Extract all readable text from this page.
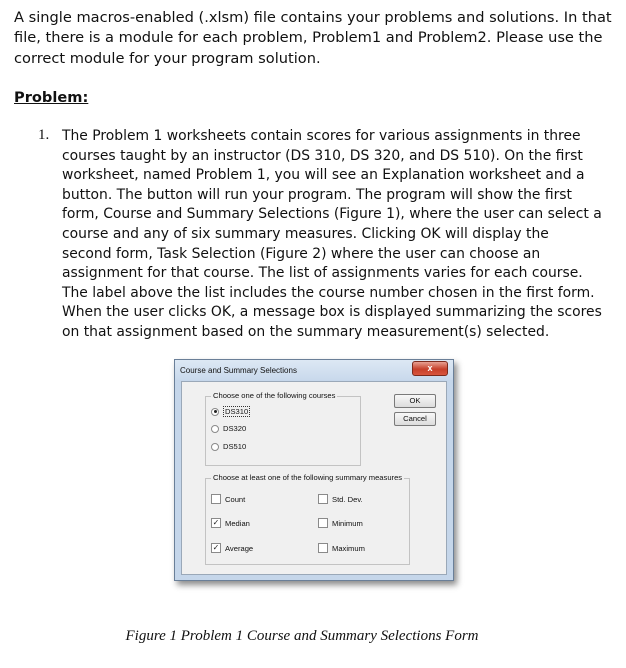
A single macros-enabled (.xlsm) file contains your problems and solutions. In that file, there is a module for each problem, Problem1 and Problem2. Please use the correct module for your program solution.

Problem:

1. The Problem 1 worksheets contain scores for various assignments in three courses taught by an instructor (DS 310, DS 320, and DS 510). On the first worksheet, named Problem 1, you will see an Explanation worksheet and a button. The button will run your program. The program will show the first form, Course and Summary Selections (Figure 1), where the user can select a course and any of six summary measures. Clicking OK will display the second form, Task Selection (Figure 2) where the user can choose an assignment for that course. The list of assignments varies for each course. The label above the list includes the course number chosen in the first form. When the user clicks OK, a message box is displayed summarizing the scores on that assignment based on the summary measurement(s) selected.

Course and Summary Selections	x
Choose one of the following courses
DS310
DS320
DS510
OK
Cancel
Choose at least one of the following summary measures
Count	Std. Dev.
✓ Median	Minimum
✓ Average	Maximum

Figure 1 Problem 1 Course and Summary Selections Form
